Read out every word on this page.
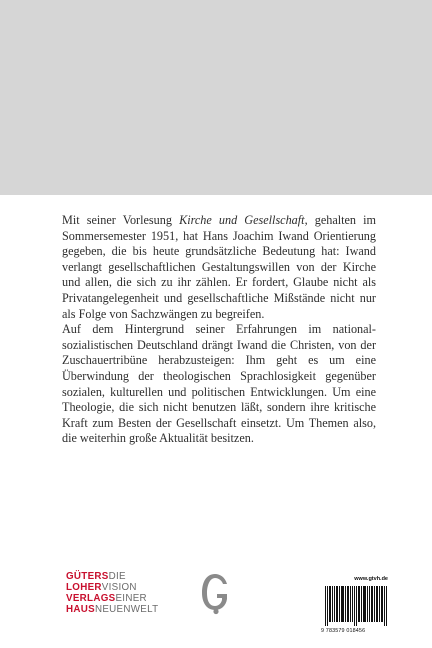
Mit seiner Vorlesung Kirche und Gesellschaft, gehalten im Sommersemester 1951, hat Hans Joachim Iwand Orientierung gegeben, die bis heute grundsätzliche Bedeutung hat: Iwand verlangt gesellschaftlichen Gestaltungswillen von der Kirche und allen, die sich zu ihr zählen. Er fordert, Glaube nicht als Privatangelegenheit und gesellschaftliche Mißstände nicht nur als Folge von Sachzwängen zu begreifen.

Auf dem Hintergrund seiner Erfahrungen im national-sozialistischen Deutschland drängt Iwand die Christen, von der Zuschauertribüne herabzusteigen: Ihm geht es um eine Überwindung der theologischen Sprachlosigkeit gegenüber sozialen, kulturellen und politischen Entwicklungen. Um eine Theologie, die sich nicht benutzen läßt, sondern ihre kritische Kraft zum Besten der Gesellschaft einsetzt. Um Themen also, die weiterhin große Aktualität besitzen.

GÜTERSDIE
LOHERVISION
VERLAGSEINER
HAUSNEUENWELT
www.gtvh.de
9 783579 018456
